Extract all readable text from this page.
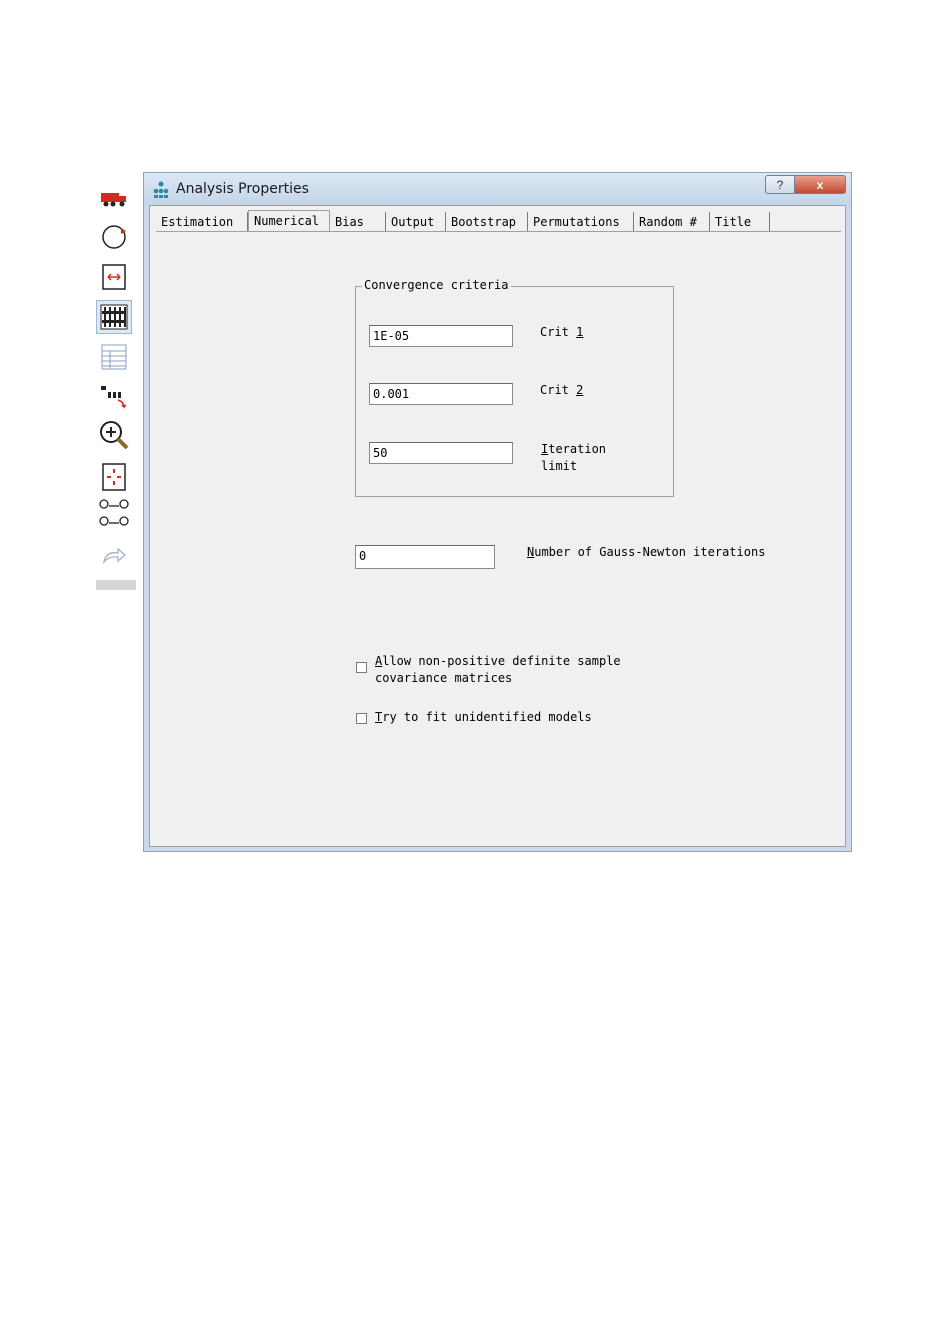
Analysis Properties	?	x
Estimation	Numerical	Bias	Output	Bootstrap	Permutations	Random #	Title
Convergence criteria
1E-05	Crit 1
0.001	Crit 2
50	Iteration
limit
0	Number of Gauss-Newton iterations
Allow non-positive definite sample
covariance matrices
Try to fit unidentified models
